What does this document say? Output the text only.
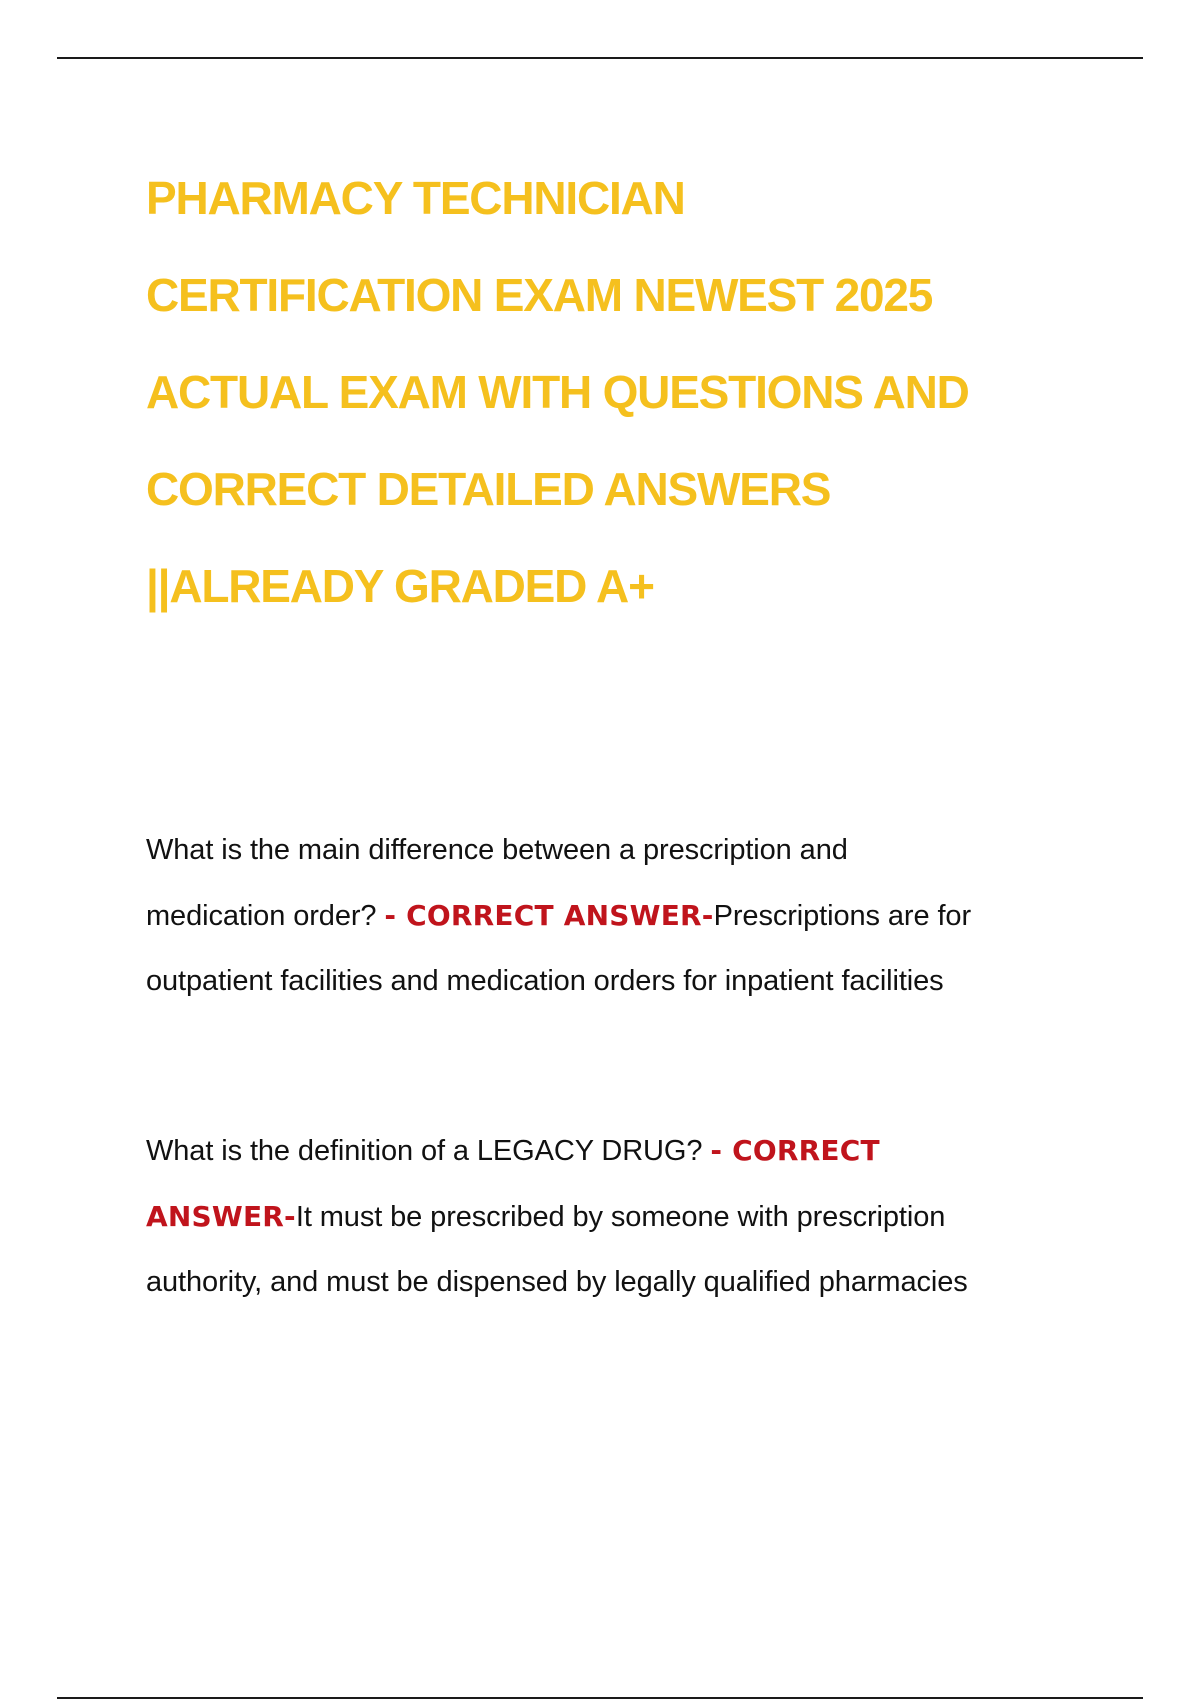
PHARMACY TECHNICIAN
CERTIFICATION EXAM NEWEST 2025
ACTUAL EXAM WITH QUESTIONS AND
CORRECT DETAILED ANSWERS
||ALREADY GRADED A+
What is the main difference between a prescription and
medication order? - CORRECT ANSWER-Prescriptions are for
outpatient facilities and medication orders for inpatient facilities
What is the definition of a LEGACY DRUG? - CORRECT
ANSWER-It must be prescribed by someone with prescription
authority, and must be dispensed by legally qualified pharmacies
